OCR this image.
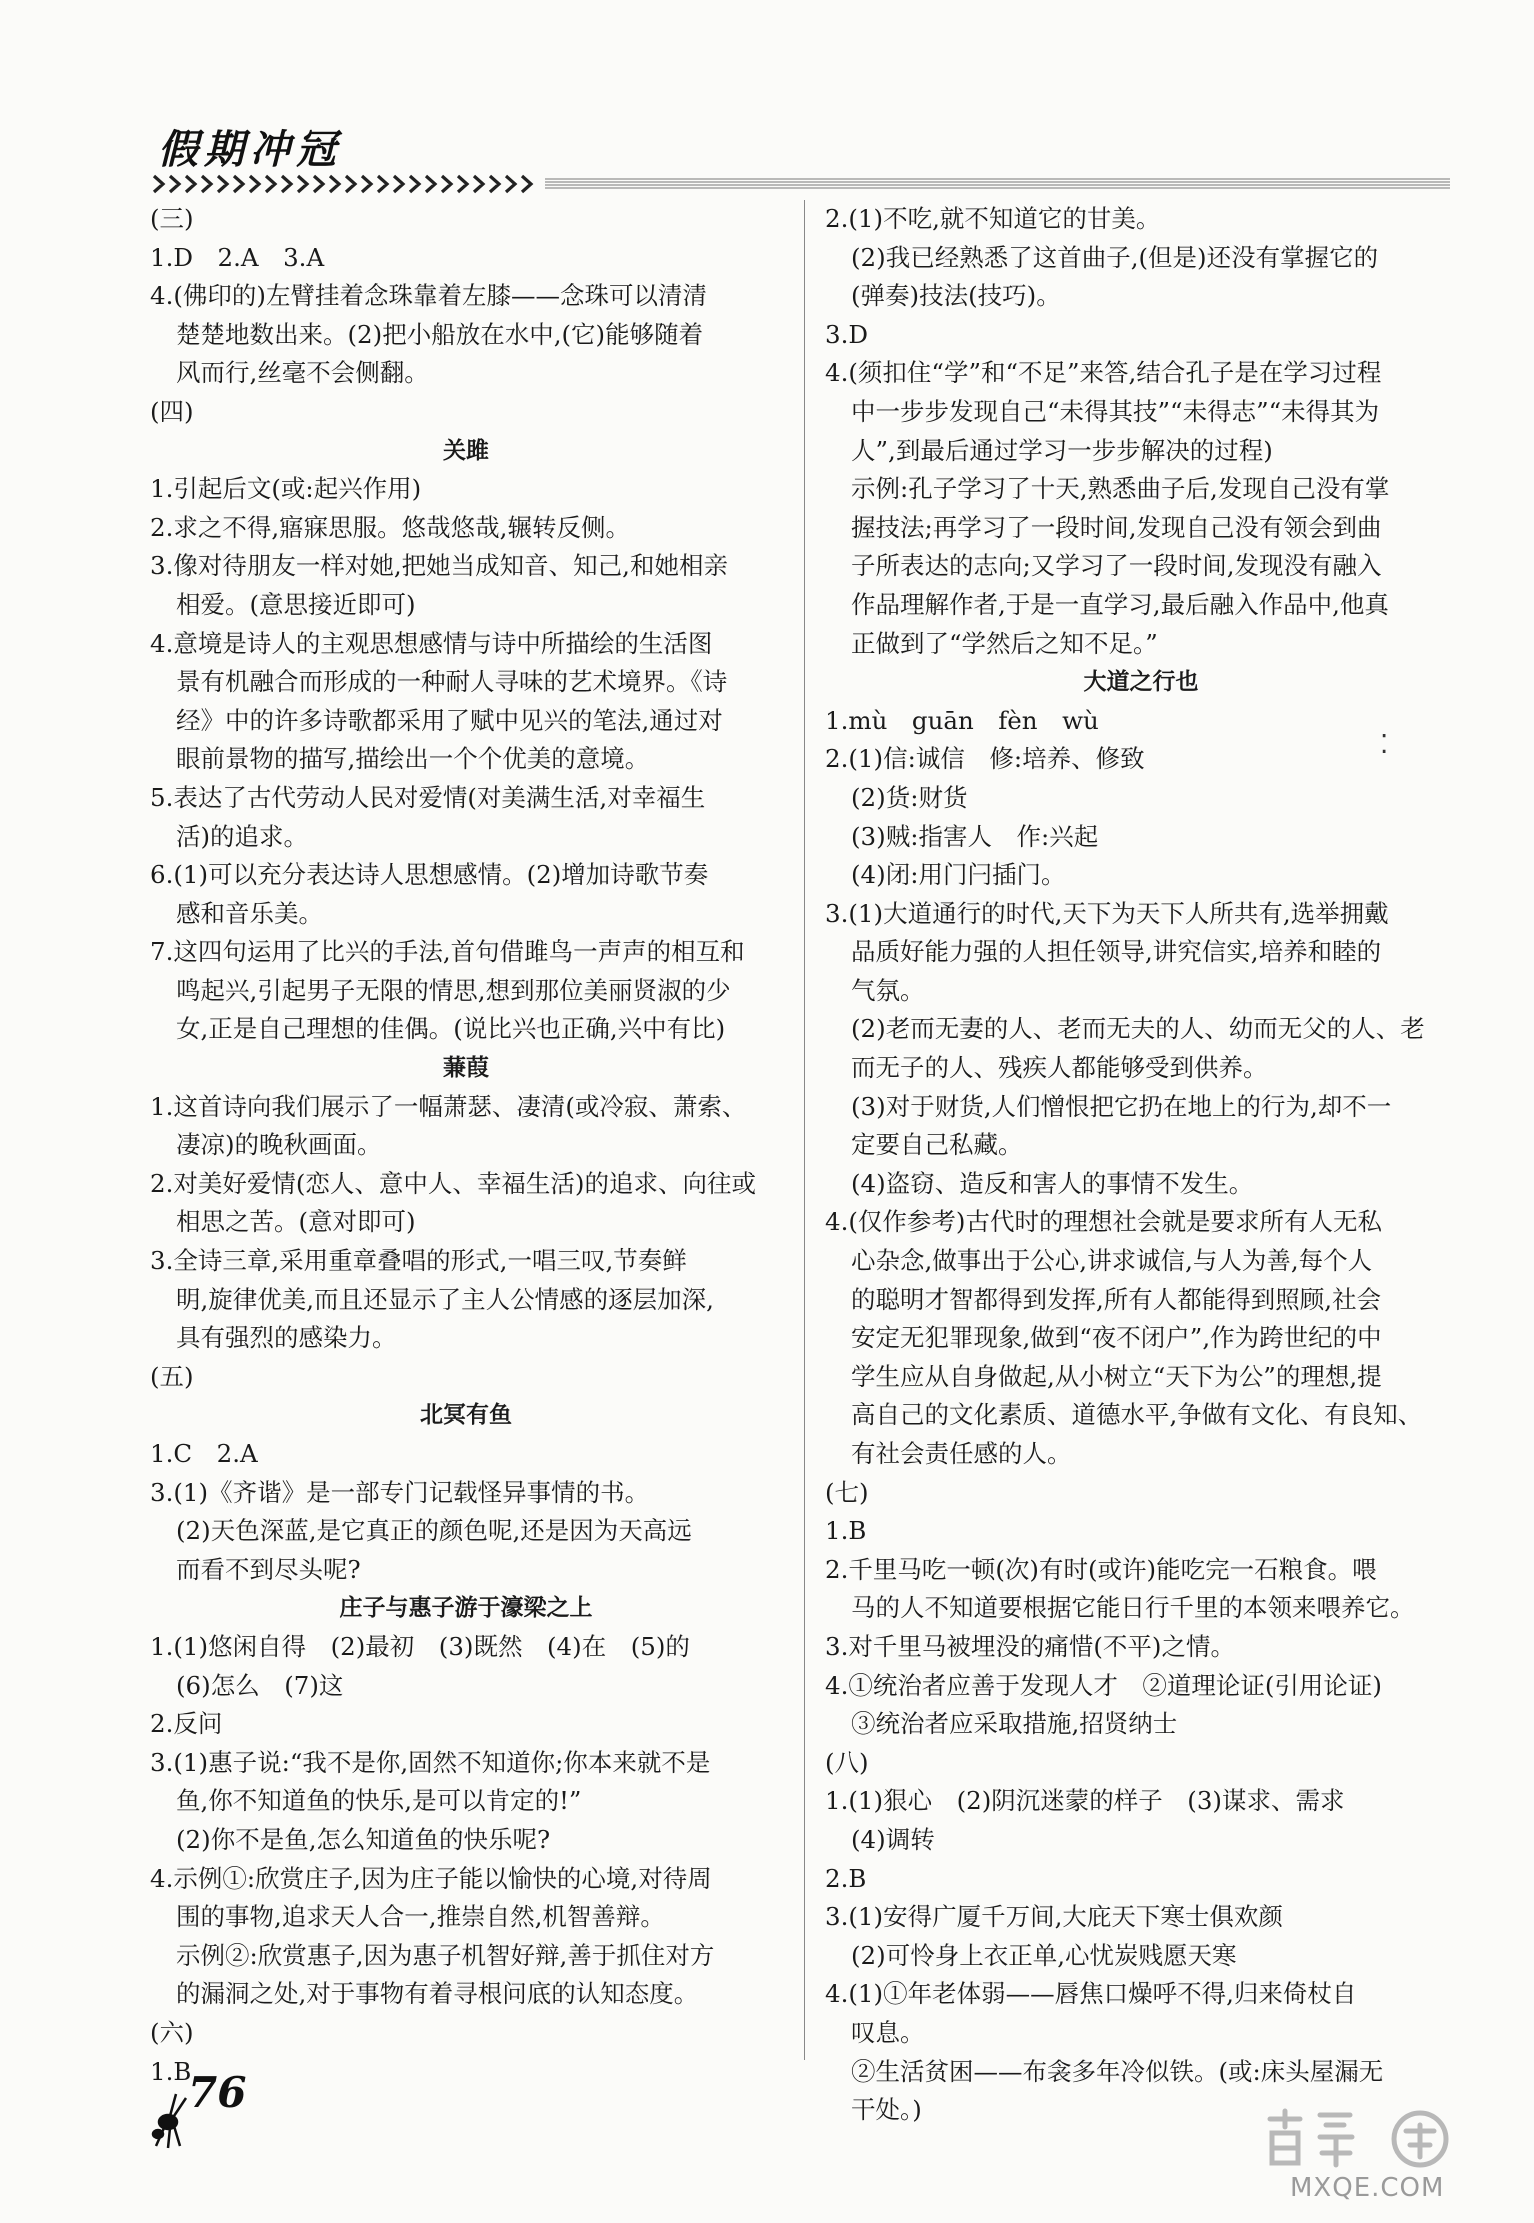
假期冲冠
(三)
1.D　2.A　3.A
4.(佛印的)左臂挂着念珠靠着左膝——念珠可以清清
楚楚地数出来。(2)把小船放在水中,(它)能够随着
风而行,丝毫不会侧翻。
(四)
关雎
1.引起后文(或:起兴作用)
2.求之不得,寤寐思服。悠哉悠哉,辗转反侧。
3.像对待朋友一样对她,把她当成知音、知己,和她相亲
相爱。(意思接近即可)
4.意境是诗人的主观思想感情与诗中所描绘的生活图
景有机融合而形成的一种耐人寻味的艺术境界。《诗
经》中的许多诗歌都采用了赋中见兴的笔法,通过对
眼前景物的描写,描绘出一个个优美的意境。
5.表达了古代劳动人民对爱情(对美满生活,对幸福生
活)的追求。
6.(1)可以充分表达诗人思想感情。(2)增加诗歌节奏
感和音乐美。
7.这四句运用了比兴的手法,首句借雎鸟一声声的相互和
鸣起兴,引起男子无限的情思,想到那位美丽贤淑的少
女,正是自己理想的佳偶。(说比兴也正确,兴中有比)
蒹葭
1.这首诗向我们展示了一幅萧瑟、凄清(或冷寂、萧索、
凄凉)的晚秋画面。
2.对美好爱情(恋人、意中人、幸福生活)的追求、向往或
相思之苦。(意对即可)
3.全诗三章,采用重章叠唱的形式,一唱三叹,节奏鲜
明,旋律优美,而且还显示了主人公情感的逐层加深,
具有强烈的感染力。
(五)
北冥有鱼
1.C　2.A
3.(1)《齐谐》是一部专门记载怪异事情的书。
(2)天色深蓝,是它真正的颜色呢,还是因为天高远
而看不到尽头呢?
庄子与惠子游于濠梁之上
1.(1)悠闲自得　(2)最初　(3)既然　(4)在　(5)的
(6)怎么　(7)这
2.反问
3.(1)惠子说:“我不是你,固然不知道你;你本来就不是
鱼,你不知道鱼的快乐,是可以肯定的!”
(2)你不是鱼,怎么知道鱼的快乐呢?
4.示例①:欣赏庄子,因为庄子能以愉快的心境,对待周
围的事物,追求天人合一,推崇自然,机智善辩。
示例②:欣赏惠子,因为惠子机智好辩,善于抓住对方
的漏洞之处,对于事物有着寻根问底的认知态度。
(六)
1.B
2.(1)不吃,就不知道它的甘美。
(2)我已经熟悉了这首曲子,(但是)还没有掌握它的
(弹奏)技法(技巧)。
3.D
4.(须扣住“学”和“不足”来答,结合孔子是在学习过程
中一步步发现自己“未得其技”“未得志”“未得其为
人”,到最后通过学习一步步解决的过程)
示例:孔子学习了十天,熟悉曲子后,发现自己没有掌
握技法;再学习了一段时间,发现自己没有领会到曲
子所表达的志向;又学习了一段时间,发现没有融入
作品理解作者,于是一直学习,最后融入作品中,他真
正做到了“学然后之知不足。”
大道之行也
1.mù　guān　fèn　wù
2.(1)信:诚信　修:培养、修致
(2)货:财货
(3)贼:指害人　作:兴起
(4)闭:用门闩插门。
3.(1)大道通行的时代,天下为天下人所共有,选举拥戴
品质好能力强的人担任领导,讲究信实,培养和睦的
气氛。
(2)老而无妻的人、老而无夫的人、幼而无父的人、老
而无子的人、残疾人都能够受到供养。
(3)对于财货,人们憎恨把它扔在地上的行为,却不一
定要自己私藏。
(4)盗窃、造反和害人的事情不发生。
4.(仅作参考)古代时的理想社会就是要求所有人无私
心杂念,做事出于公心,讲求诚信,与人为善,每个人
的聪明才智都得到发挥,所有人都能得到照顾,社会
安定无犯罪现象,做到“夜不闭户”,作为跨世纪的中
学生应从自身做起,从小树立“天下为公”的理想,提
高自己的文化素质、道德水平,争做有文化、有良知、
有社会责任感的人。
(七)
1.B
2.千里马吃一顿(次)有时(或许)能吃完一石粮食。喂
马的人不知道要根据它能日行千里的本领来喂养它。
3.对千里马被埋没的痛惜(不平)之情。
4.①统治者应善于发现人才　②道理论证(引用论证)
③统治者应采取措施,招贤纳士
(八)
1.(1)狠心　(2)阴沉迷蒙的样子　(3)谋求、需求
(4)调转
2.B
3.(1)安得广厦千万间,大庇天下寒士俱欢颜
(2)可怜身上衣正单,心忧炭贱愿天寒
4.(1)①年老体弱——唇焦口燥呼不得,归来倚杖自
叹息。
②生活贫困——布衾多年冷似铁。(或:床头屋漏无
干处。)
⁚
76
MXQE.COM
